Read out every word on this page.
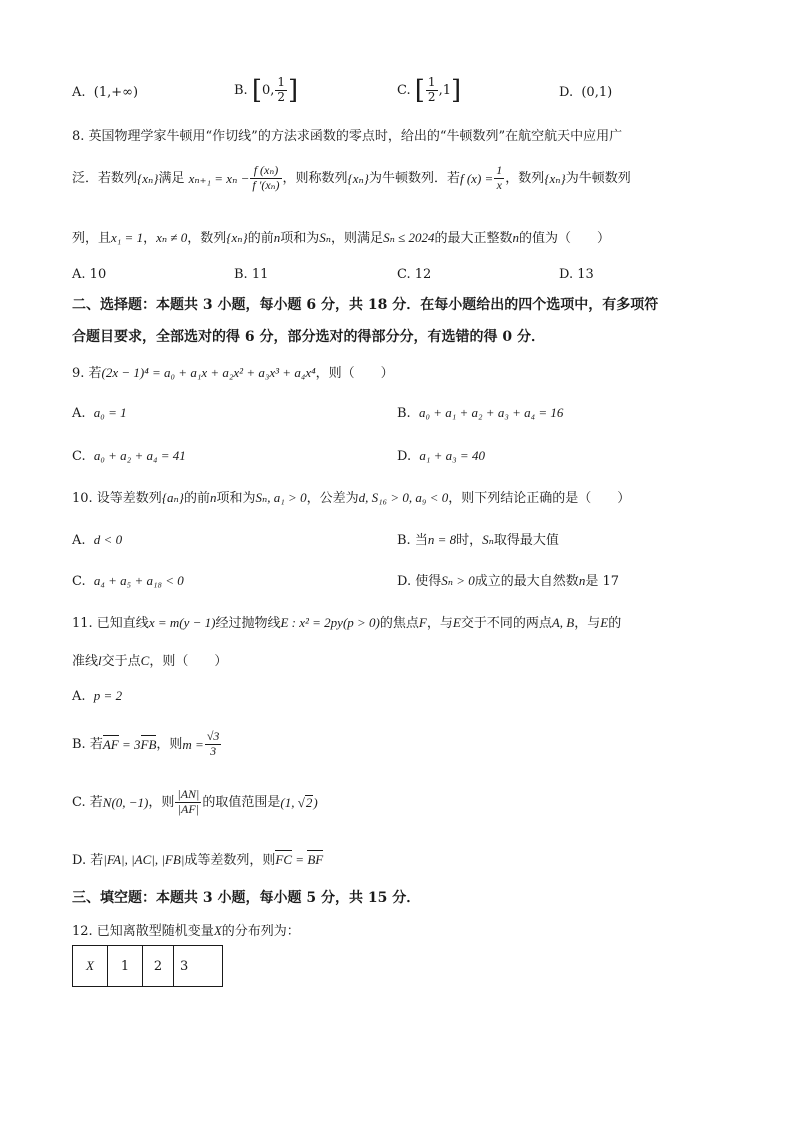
A. (1,+∞)	B. [0, $\frac{1}{2}$ ]	C. [ $\frac{1}{2} ,1$]	D. (0,1)
8. 英国物理学家牛顿用“作切线”的方法求函数的零点时，给出的“牛顿数列”在航空航天中应用广
泛．若数列{xₙ}满足 $x_{n+1} = x_n - \frac{\text{f (xₙ)}}{\text{f ′(xₙ)}}$ ，则称数列{xₙ}为牛顿数列．若f $(x) = \frac{1}{x}$ ，数列{xₙ}为牛顿数列
列，且x₁ = 1，xₙ ≠ 0，数列{xₙ}的前n项和为Sₙ，则满足Sₙ ≤ 2024的最大正整数n的值为（　　）
A. 10	B. 11	C. 12	D. 13
二、选择题：本题共 3 小题，每小题 6 分，共 18 分．在每小题给出的四个选项中，有多项符
合题目要求，全部选对的得 6 分，部分选对的得部分分，有选错的得 0 分．
9. 若(2x − 1)⁴ = a₀ + a₁x + a₂x² + a₃x³ + a₄x⁴，则（　　）
A. a₀ = 1	B. a₀ + a₁ + a₂ + a₃ + a₄ = 16
C. a₀ + a₂ + a₄ = 41	D. a₁ + a₃ = 40
10. 设等差数列{aₙ}的前n项和为Sₙ, a₁ > 0，公差为d, S₁₆ > 0, a₉ < 0，则下列结论正确的是（　　）
A. d < 0	B. 当n = 8时，Sₙ取得最大值
C. a₄ + a₅ + a₁₈ < 0	D. 使得Sₙ > 0成立的最大自然数n是 17
11. 已知直线x = m(y − 1)经过抛物线E : x² = 2py(p > 0)的焦点F，与E交于不同的两点A, B，与E的
准线l交于点C，则（　　）
A. p = 2
B. 若AF = 3FB，则$m = \frac{√3}{3}$
C. 若N(0, −1)，则 $\frac{|AN|}{|AF|}$ 的取值范围是(1, √2)
D. 若|FA|, |AC|, |FB|成等差数列，则FC = BF
三、填空题：本题共 3 小题，每小题 5 分，共 15 分．
12. 已知离散型随机变量X的分布列为：
X	1	2	3
